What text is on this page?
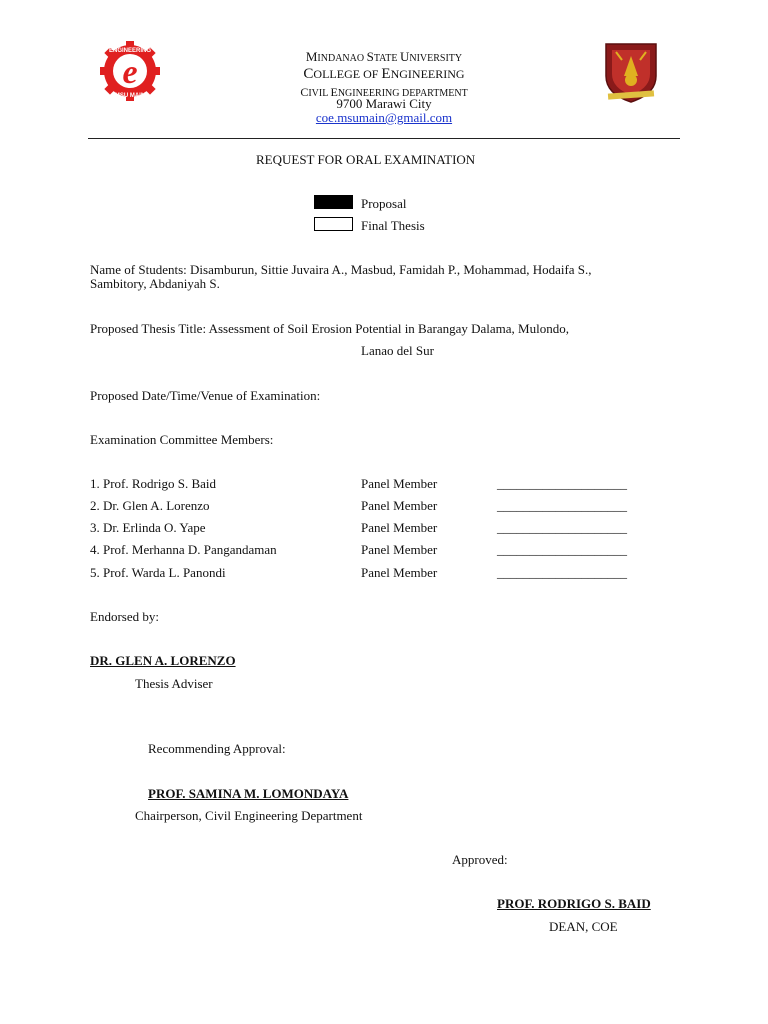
e
ENGINEERING
MSU MAIN
MINDANAO STATE UNIVERSITY
COLLEGE OF ENGINEERING
CIVIL ENGINEERING DEPARTMENT
9700 Marawi City
coe.msumain@gmail.com
REQUEST FOR ORAL EXAMINATION
Proposal
Final Thesis
Name of Students: Disamburun, Sittie Juvaira A., Masbud, Famidah P., Mohammad, Hodaifa S.,
Sambitory, Abdaniyah S.
Proposed Thesis Title: Assessment of Soil Erosion Potential in Barangay Dalama, Mulondo,
Lanao del Sur
Proposed Date/Time/Venue of Examination:
Examination Committee Members:
1. Prof. Rodrigo S. Baid	Panel Member	____________________
2. Dr. Glen A. Lorenzo	Panel Member	____________________
3. Dr. Erlinda O. Yape	Panel Member	____________________
4. Prof. Merhanna D. Pangandaman	Panel Member	____________________
5. Prof. Warda L. Panondi	Panel Member	____________________
Endorsed by:
DR. GLEN A. LORENZO
Thesis Adviser
Recommending Approval:
PROF. SAMINA M. LOMONDAYA
Chairperson, Civil Engineering Department
Approved:
PROF. RODRIGO S. BAID
DEAN, COE
